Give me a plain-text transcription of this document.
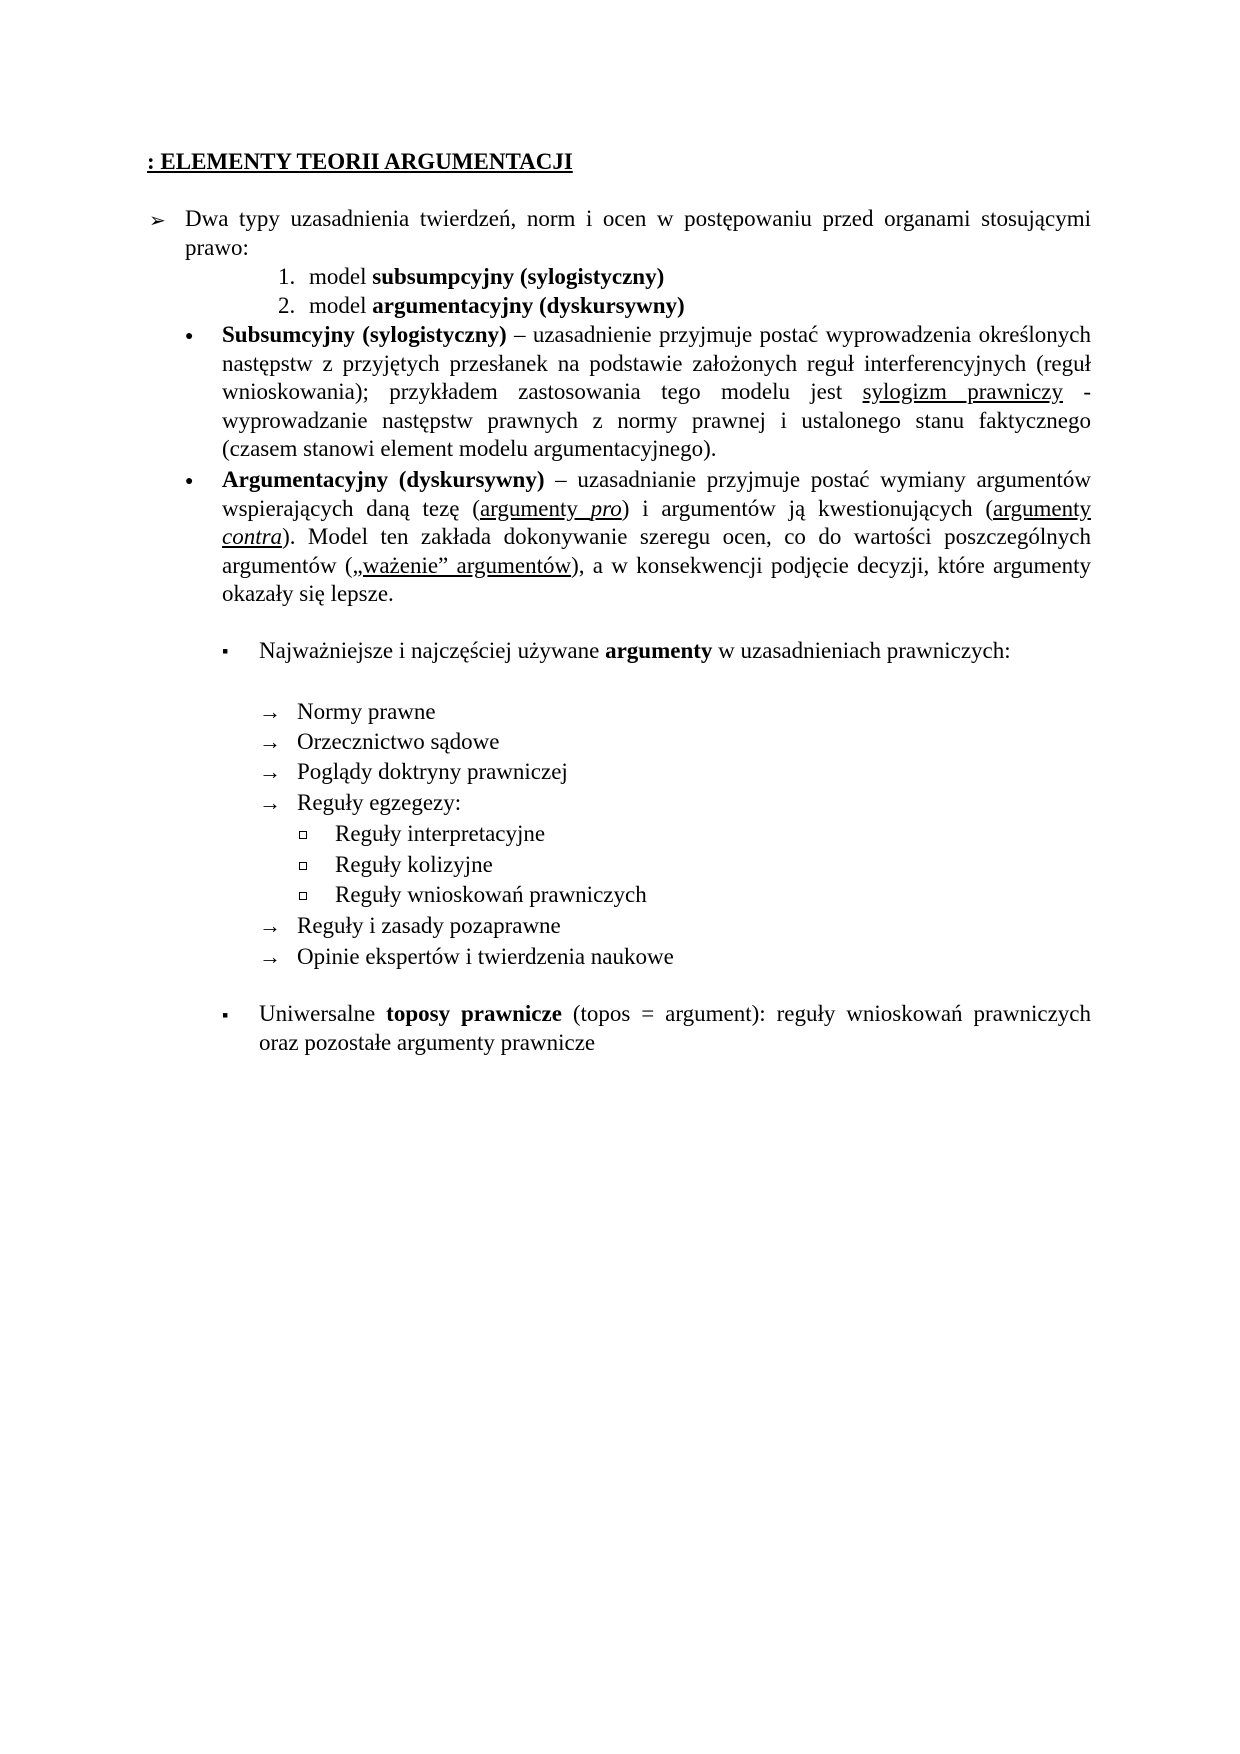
: ELEMENTY TEORII ARGUMENTACJI
➢ Dwa typy uzasadnienia twierdzeń, norm i ocen w postępowaniu przed organami stosującymi prawo:

1. model subsumpcyjny (sylogistyczny)
2. model argumentacyjny (dyskursywny)
● Subsumcyjny (sylogistyczny) – uzasadnienie przyjmuje postać wyprowadzenia określonych następstw z przyjętych przesłanek na podstawie założonych reguł interferencyjnych (reguł wnioskowania); przykładem zastosowania tego modelu jest sylogizm prawniczy - wyprowadzanie następstw prawnych z normy prawnej i ustalonego stanu faktycznego (czasem stanowi element modelu argumentacyjnego).

● Argumentacyjny (dyskursywny) – uzasadnianie przyjmuje postać wymiany argumentów wspierających daną tezę (argumenty pro) i argumentów ją kwestionujących (argumenty contra). Model ten zakłada dokonywanie szeregu ocen, co do wartości poszczególnych argumentów („ważenie” argumentów), a w konsekwencji podjęcie decyzji, które argumenty okazały się lepsze.

▪ Najważniejsze i najczęściej używane argumenty w uzasadnieniach prawniczych:
→ Normy prawne
→ Orzecznictwo sądowe
→ Poglądy doktryny prawniczej
→ Reguły egzegezy:
Reguły interpretacyjne
Reguły kolizyjne
Reguły wnioskowań prawniczych
→ Reguły i zasady pozaprawne
→ Opinie ekspertów i twierdzenia naukowe
▪ Uniwersalne toposy prawnicze (topos = argument): reguły wnioskowań prawniczych oraz pozostałe argumenty prawnicze
